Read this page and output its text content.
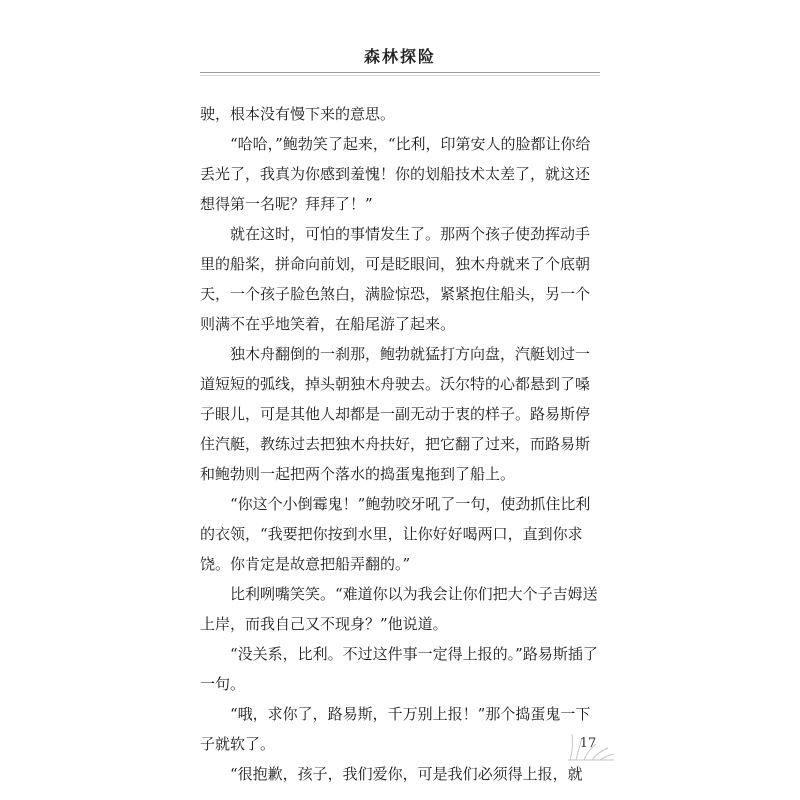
森林探险

驶，根本没有慢下来的意思。

“哈哈，”鲍勃笑了起来，“比利，印第安人的脸都让你给丢光了，我真为你感到羞愧！你的划船技术太差了，就这还想得第一名呢？拜拜了！”

就在这时，可怕的事情发生了。那两个孩子使劲挥动手里的船桨，拼命向前划，可是眨眼间，独木舟就来了个底朝天，一个孩子脸色煞白，满脸惊恐，紧紧抱住船头，另一个则满不在乎地笑着，在船尾游了起来。

独木舟翻倒的一刹那，鲍勃就猛打方向盘，汽艇划过一道短短的弧线，掉头朝独木舟驶去。沃尔特的心都悬到了嗓子眼儿，可是其他人却都是一副无动于衷的样子。路易斯停住汽艇，教练过去把独木舟扶好，把它翻了过来，而路易斯和鲍勃则一起把两个落水的捣蛋鬼拖到了船上。

“你这个小倒霉鬼！”鲍勃咬牙吼了一句，使劲抓住比利的衣领，“我要把你按到水里，让你好好喝两口，直到你求饶。你肯定是故意把船弄翻的。”

比利咧嘴笑笑。“难道你以为我会让你们把大个子吉姆送上岸，而我自己又不现身？”他说道。

“没关系，比利。不过这件事一定得上报的。”路易斯插了一句。

“哦，求你了，路易斯，千万别上报！”那个捣蛋鬼一下子就软了。

“很抱歉，孩子，我们爱你，可是我们必须得上报，就

17
